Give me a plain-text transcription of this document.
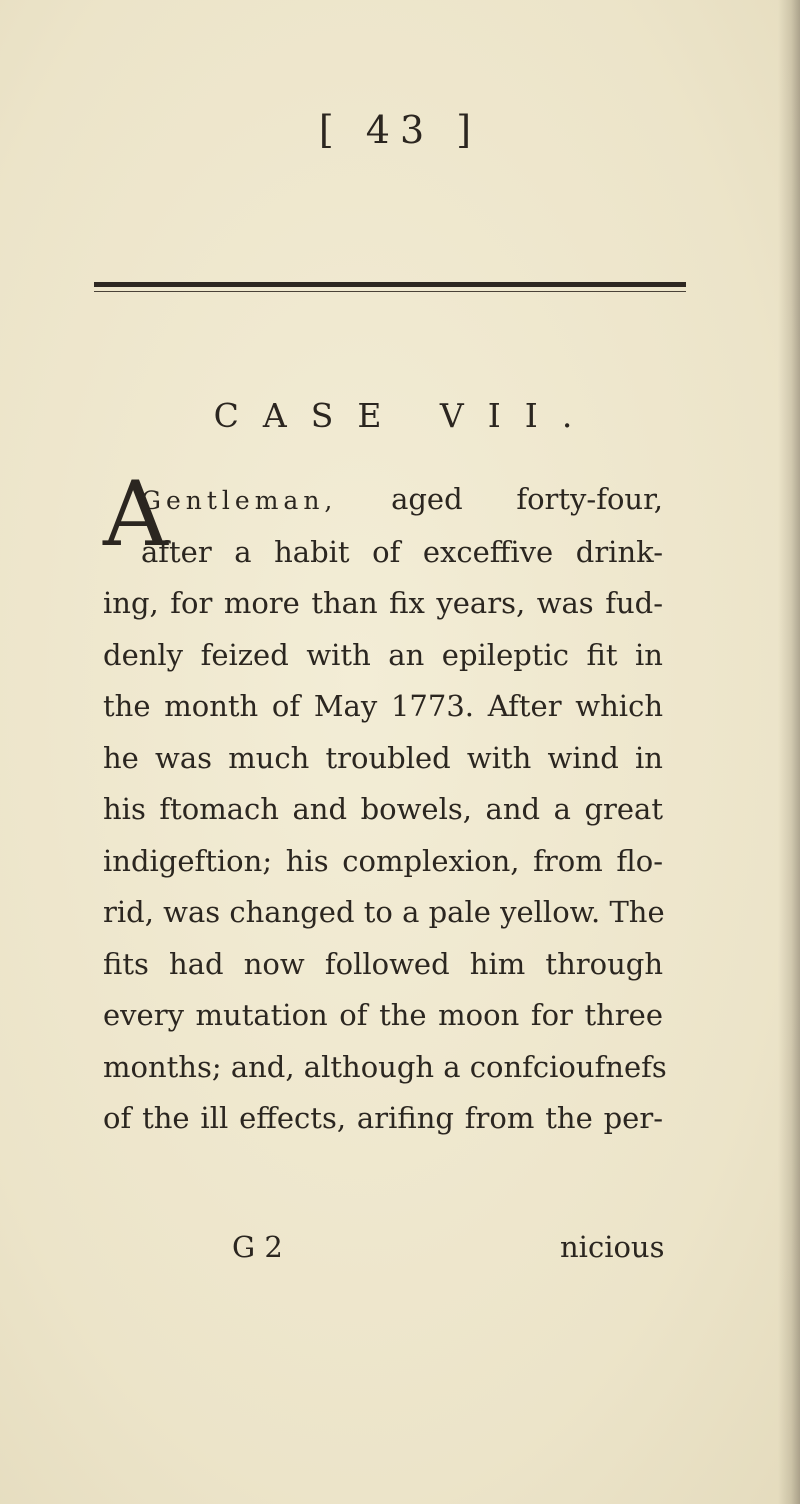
[ 43 ]
CASE VII.
A
Gentleman, aged forty-four,
after a habit of exceffive drink-
ing, for more than fix years, was fud-
denly feized with an epileptic fit in
the month of May 1773. After which
he was much troubled with wind in
his ftomach and bowels, and a great
indigeftion; his complexion, from flo-
rid, was changed to a pale yellow. The
fits had now followed him through
every mutation of the moon for three
months; and, although a confcioufnefs
of the ill effects, arifing from the per-
G 2	nicious
